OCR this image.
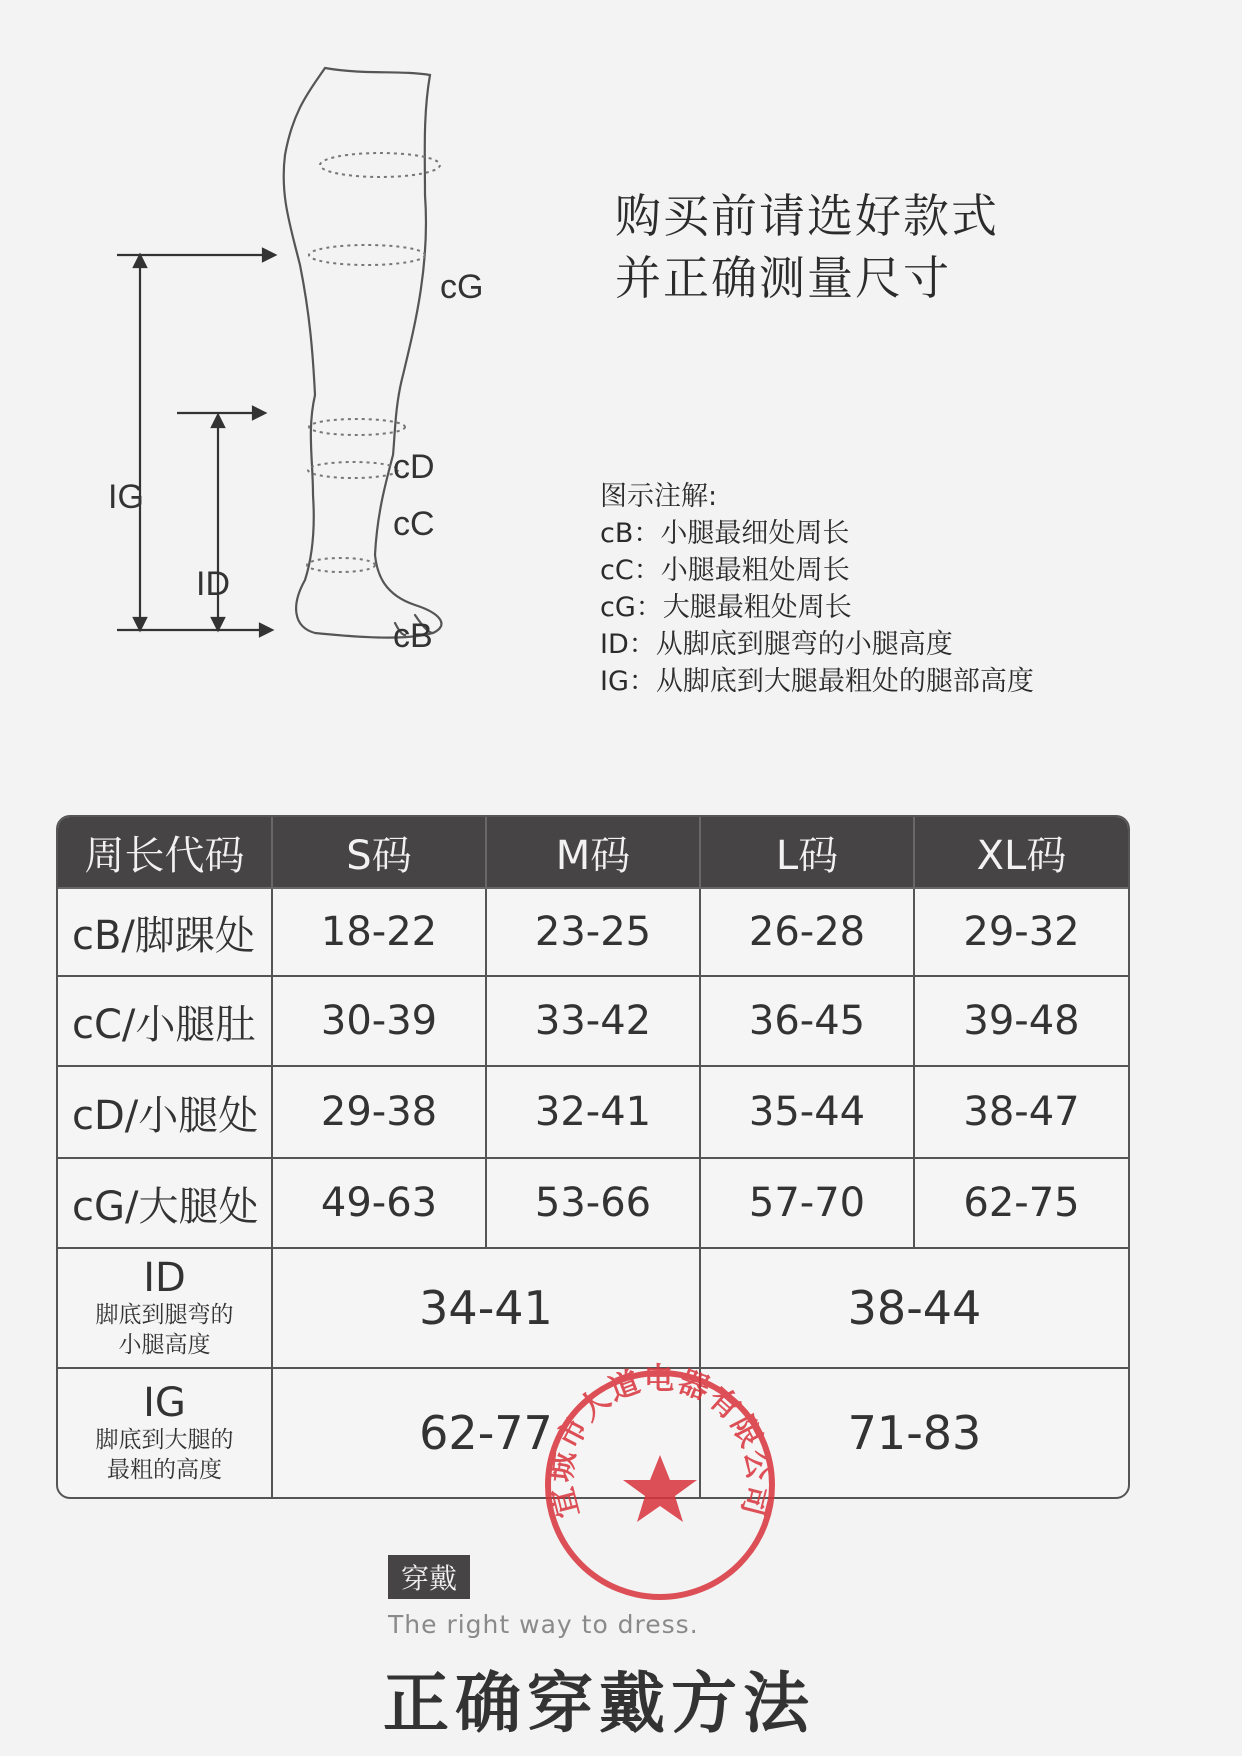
cG
cD
cC
cB
IG
ID
购买前请选好款式
并正确测量尺寸
图示注解:
cB：小腿最细处周长
cC：小腿最粗处周长
cG：大腿最粗处周长
ID：从脚底到腿弯的小腿高度
IG：从脚底到大腿最粗处的腿部高度
周长代码	S码	M码	L码	XL码
cB/脚踝处	18-22	23-25	26-28	29-32
cC/小腿肚	30-39	33-42	36-45	39-48
cD/小腿处	29-38	32-41	35-44	38-47
cG/大腿处	49-63	53-66	57-70	62-75
ID
脚底到腿弯的
小腿高度
34-41	38-44
IG
脚底到大腿的
最粗的高度
62-77	71-83
宜城市大道电器有限公司
穿戴
The right way to dress.
正确穿戴方法
